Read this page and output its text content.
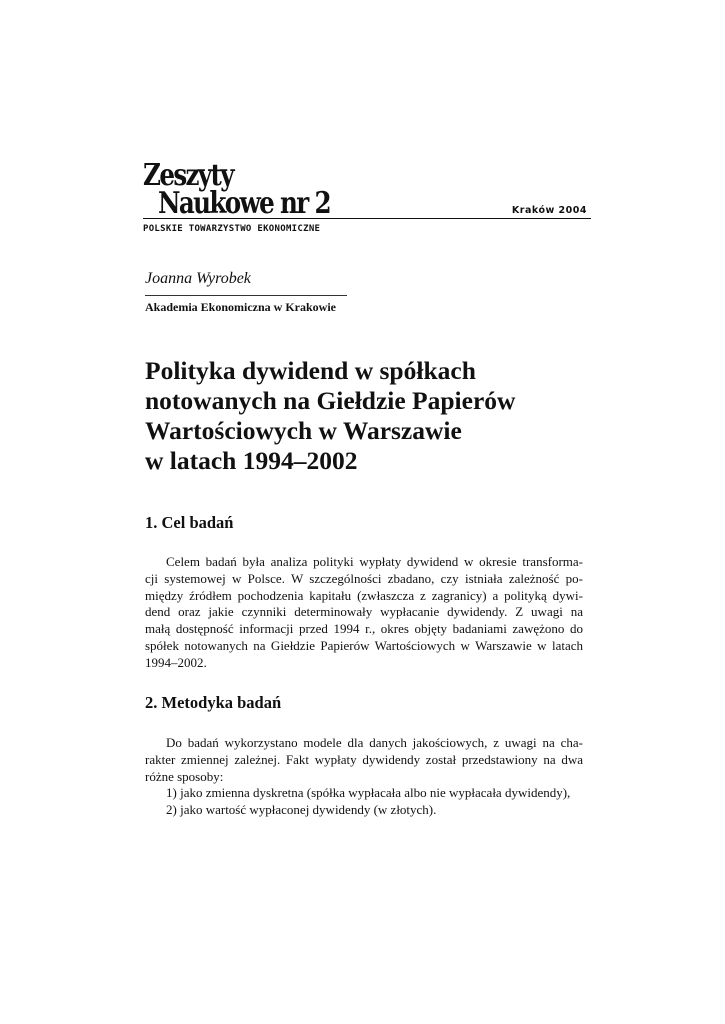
Zeszyty
Naukowe nr 2	Kraków 2004
POLSKIE TOWARZYSTWO EKONOMICZNE
Joanna Wyrobek
Akademia Ekonomiczna w Krakowie
Polityka dywidend w spółkach
notowanych na Giełdzie Papierów
Wartościowych w Warszawie
w latach 1994–2002
1. Cel badań
Celem badań była analiza polityki wypłaty dywidend w okresie transforma-
cji systemowej w Polsce. W szczególności zbadano, czy istniała zależność po-
między źródłem pochodzenia kapitału (zwłaszcza z zagranicy) a polityką dywi-
dend oraz jakie czynniki determinowały wypłacanie dywidendy. Z uwagi na
małą dostępność informacji przed 1994 r., okres objęty badaniami zawężono do
spółek notowanych na Giełdzie Papierów Wartościowych w Warszawie w latach
1994–2002.
2. Metodyka badań
Do badań wykorzystano modele dla danych jakościowych, z uwagi na cha-
rakter zmiennej zależnej. Fakt wypłaty dywidendy został przedstawiony na dwa
różne sposoby:
1) jako zmienna dyskretna (spółka wypłacała albo nie wypłacała dywidendy),
2) jako wartość wypłaconej dywidendy (w złotych).
